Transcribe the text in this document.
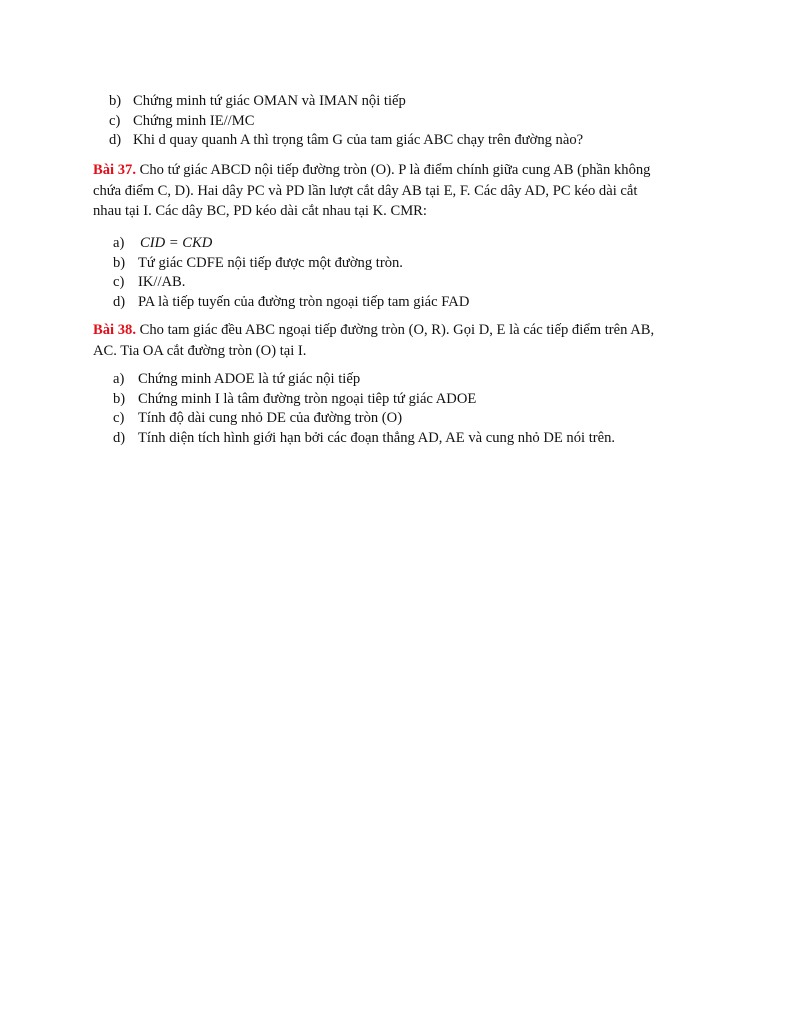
b) Chứng minh tứ giác OMAN và IMAN nội tiếp
c) Chứng minh IE//MC
d) Khi d quay quanh A thì trọng tâm G của tam giác ABC chạy trên đường nào?
Bài 37. Cho tứ giác ABCD nội tiếp đường tròn (O). P là điểm chính giữa cung AB (phần không
chứa điểm C, D). Hai dây PC và PD lần lượt cắt dây AB tại E, F. Các dây AD, PC kéo dài cắt
nhau tại I. Các dây BC, PD kéo dài cắt nhau tại K. CMR:
a) CID = CKD
b) Tứ giác CDFE nội tiếp được một đường tròn.
c) IK//AB.
d) PA là tiếp tuyến của đường tròn ngoại tiếp tam giác FAD
Bài 38. Cho tam giác đều ABC ngoại tiếp đường tròn (O, R). Gọi D, E là các tiếp điểm trên AB,
AC. Tia OA cắt đường tròn (O) tại I.
a) Chứng minh ADOE là tứ giác nội tiếp
b) Chứng minh I là tâm đường tròn ngoại tiêp tứ giác ADOE
c) Tính độ dài cung nhỏ DE của đường tròn (O)
d) Tính diện tích hình giới hạn bởi các đoạn thẳng AD, AE và cung nhỏ DE nói trên.
